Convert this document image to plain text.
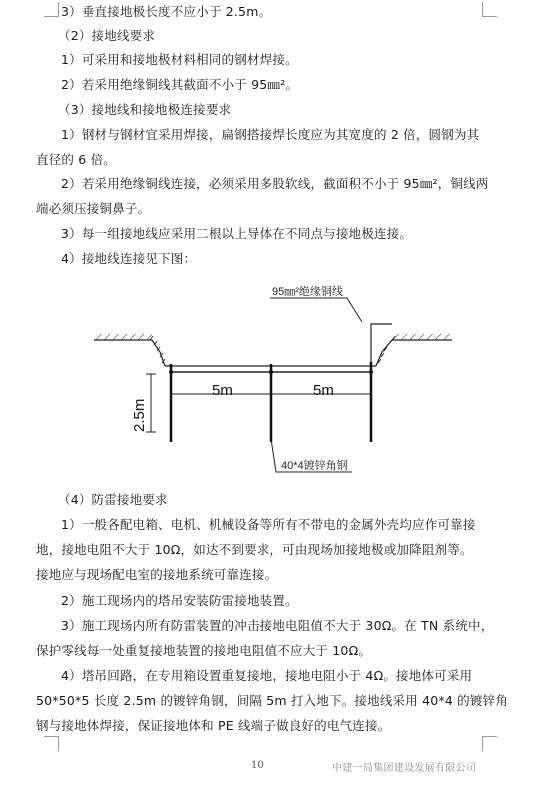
3）垂直接地极长度不应小于 2.5m。
（2）接地线要求
1）可采用和接地极材料相同的钢材焊接。
2）若采用绝缘铜线其截面不小于 95㎜²。
（3）接地线和接地极连接要求
1）钢材与钢材宜采用焊接，扁钢搭接焊长度应为其宽度的 2 倍，圆钢为其
直径的 6 倍。
2）若采用绝缘铜线连接，必须采用多股软线，截面积不小于 95㎜²，铜线两
端必须压接铜鼻子。
3）每一组接地线应采用二根以上导体在不同点与接地极连接。
4）接地线连接见下图：
95㎜²绝缘铜线
5m	5m
2.5m
40*4镀锌角钢
（4）防雷接地要求
1）一般各配电箱、电机、机械设备等所有不带电的金属外壳均应作可靠接
地，接地电阻不大于 10Ω，如达不到要求，可由现场加接地极或加降阻剂等。
接地应与现场配电室的接地系统可靠连接。
2）施工现场内的塔吊安装防雷接地装置。
3）施工现场内所有防雷装置的冲击接地电阻值不大于 30Ω。在 TN 系统中，
保护零线每一处重复接地装置的接地电阻值不应大于 10Ω。
4）塔吊回路，在专用箱设置重复接地，接地电阻小于 4Ω。接地体可采用
50*50*5 长度 2.5m 的镀锌角钢，间隔 5m 打入地下。接地线采用 40*4 的镀锌角
钢与接地体焊接，保证接地体和 PE 线端子做良好的电气连接。
10	中建一局集团建设发展有限公司
